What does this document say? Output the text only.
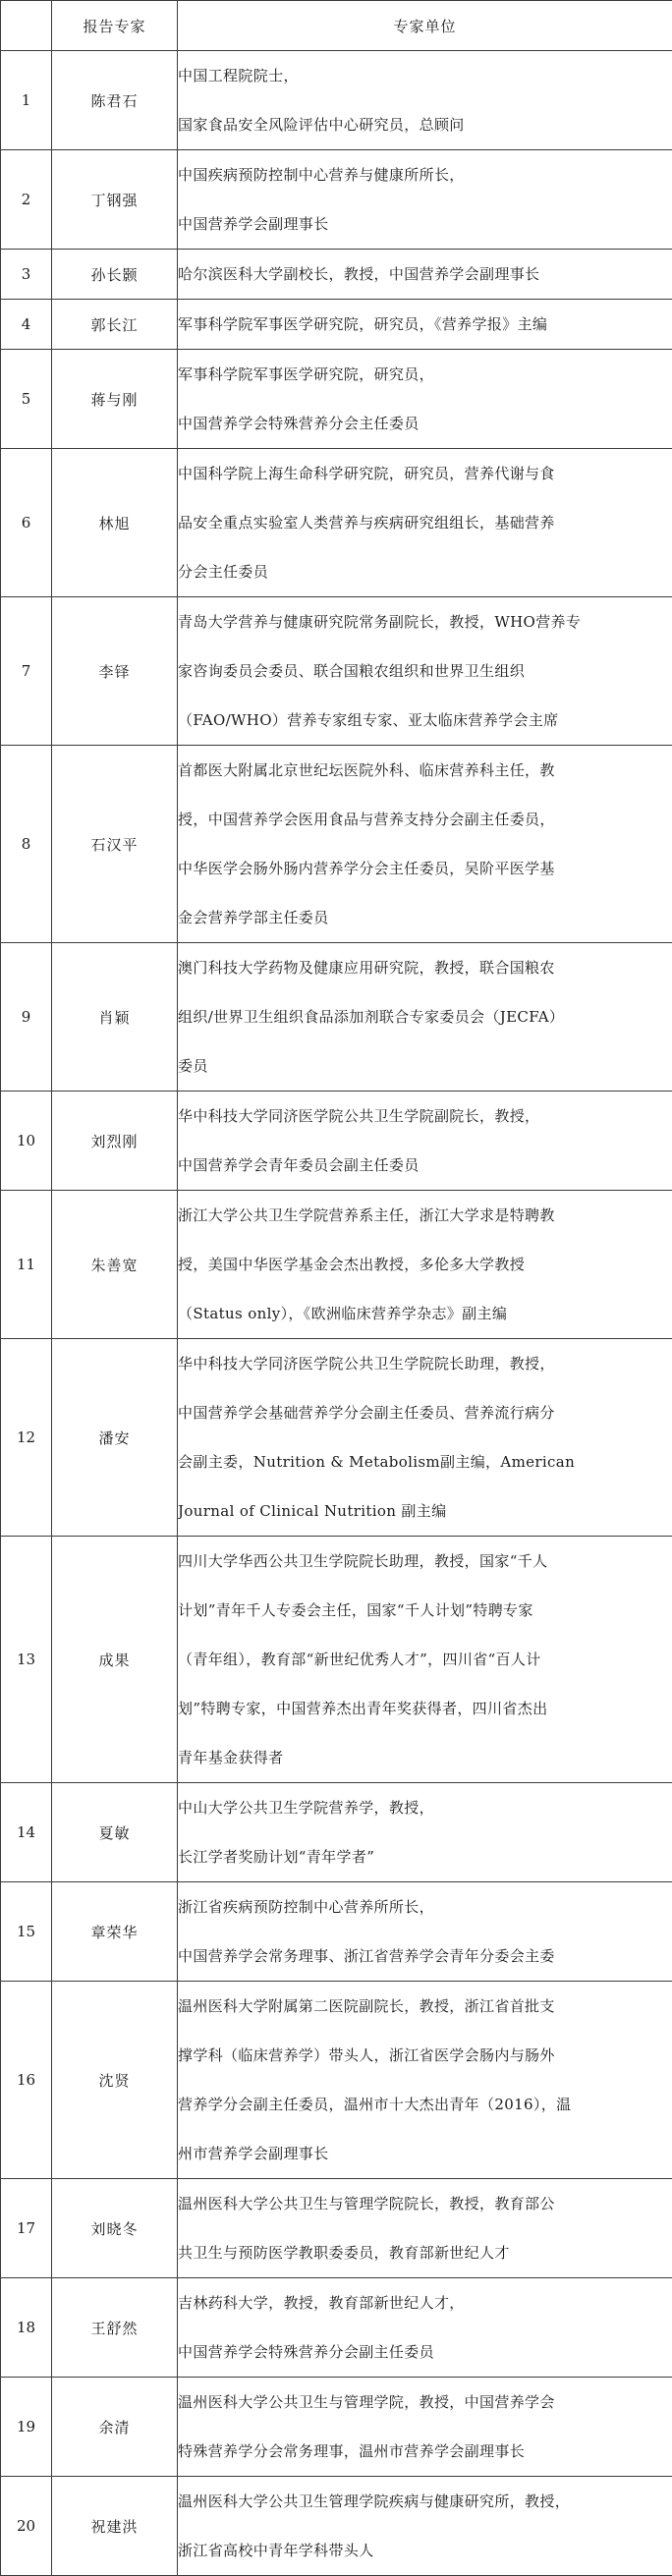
	报告专家	专家单位
1	陈君石	中国工程院院士，
国家食品安全风险评估中心研究员，总顾问

2	丁钢强	中国疾病预防控制中心营养与健康所所长，
中国营养学会副理事长

3	孙长颢	哈尔滨医科大学副校长，教授，中国营养学会副理事长

4	郭长江	军事科学院军事医学研究院，研究员，《营养学报》主编

5	蒋与刚	军事科学院军事医学研究院，研究员，
中国营养学会特殊营养分会主任委员

6	林旭	中国科学院上海生命科学研究院，研究员，营养代谢与食
品安全重点实验室人类营养与疾病研究组组长，基础营养
分会主任委员

7	李铎	青岛大学营养与健康研究院常务副院长，教授，WHO营养专
家咨询委员会委员、联合国粮农组织和世界卫生组织
（FAO/WHO）营养专家组专家、亚太临床营养学会主席

8	石汉平	首都医大附属北京世纪坛医院外科、临床营养科主任，教
授，中国营养学会医用食品与营养支持分会副主任委员，
中华医学会肠外肠内营养学分会主任委员，吴阶平医学基
金会营养学部主任委员

9	肖颖	澳门科技大学药物及健康应用研究院，教授，联合国粮农
组织/世界卫生组织食品添加剂联合专家委员会（JECFA）
委员

10	刘烈刚	华中科技大学同济医学院公共卫生学院副院长，教授，
中国营养学会青年委员会副主任委员

11	朱善宽	浙江大学公共卫生学院营养系主任，浙江大学求是特聘教
授，美国中华医学基金会杰出教授，多伦多大学教授
（Status only），《欧洲临床营养学杂志》副主编

12	潘安	华中科技大学同济医学院公共卫生学院院长助理，教授，
中国营养学会基础营养学分会副主任委员、营养流行病分
会副主委，Nutrition & Metabolism副主编，American
Journal of Clinical Nutrition 副主编

13	成果	四川大学华西公共卫生学院院长助理，教授，国家“千人
计划”青年千人专委会主任，国家“千人计划”特聘专家
（青年组），教育部“新世纪优秀人才”，四川省“百人计
划”特聘专家，中国营养杰出青年奖获得者，四川省杰出
青年基金获得者

14	夏敏	中山大学公共卫生学院营养学，教授，
长江学者奖励计划“青年学者”

15	章荣华	浙江省疾病预防控制中心营养所所长，
中国营养学会常务理事、浙江省营养学会青年分委会主委

16	沈贤	温州医科大学附属第二医院副院长，教授，浙江省首批支
撑学科（临床营养学）带头人，浙江省医学会肠内与肠外
营养学分会副主任委员，温州市十大杰出青年（2016），温
州市营养学会副理事长

17	刘晓冬	温州医科大学公共卫生与管理学院院长，教授，教育部公
共卫生与预防医学教职委委员，教育部新世纪人才

18	王舒然	吉林药科大学，教授，教育部新世纪人才，
中国营养学会特殊营养分会副主任委员

19	余清	温州医科大学公共卫生与管理学院，教授，中国营养学会
特殊营养学分会常务理事，温州市营养学会副理事长

20	祝建洪	温州医科大学公共卫生管理学院疾病与健康研究所，教授，
浙江省高校中青年学科带头人
